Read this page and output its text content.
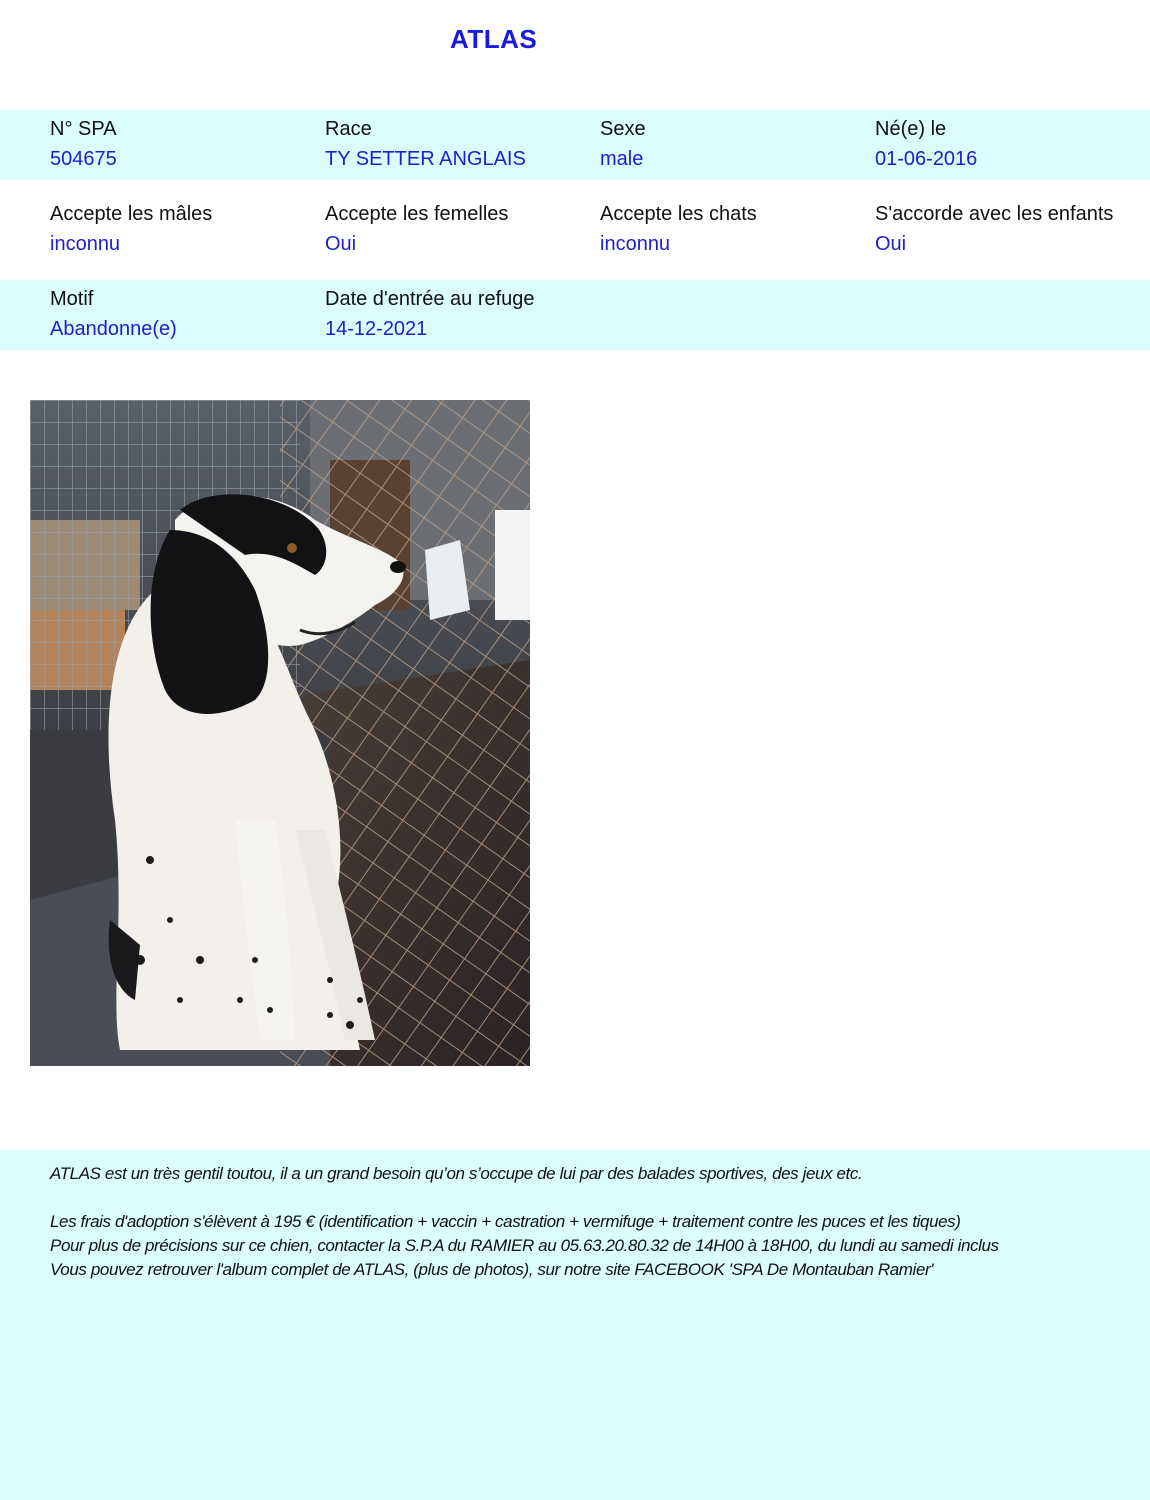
ATLAS
N° SPA
504675
Race
TY SETTER ANGLAIS
Sexe
male
Né(e) le
01-06-2016
Accepte les mâles
inconnu
Accepte les femelles
Oui
Accepte les chats
inconnu
S'accorde avec les enfants
Oui
Motif
Abandonne(e)
Date d'entrée au refuge
14-12-2021

ATLAS est un très gentil toutou, il a un grand besoin qu’on s’occupe de lui par des balades sportives, des jeux etc.

Les frais d'adoption s'élèvent à 195 € (identification + vaccin + castration + vermifuge + traitement contre les puces et les tiques)

Pour plus de précisions sur ce chien, contacter la S.P.A du RAMIER au 05.63.20.80.32 de 14H00 à 18H00, du lundi au samedi inclus

Vous pouvez retrouver l'album complet de ATLAS, (plus de photos), sur notre site FACEBOOK 'SPA De Montauban Ramier'
